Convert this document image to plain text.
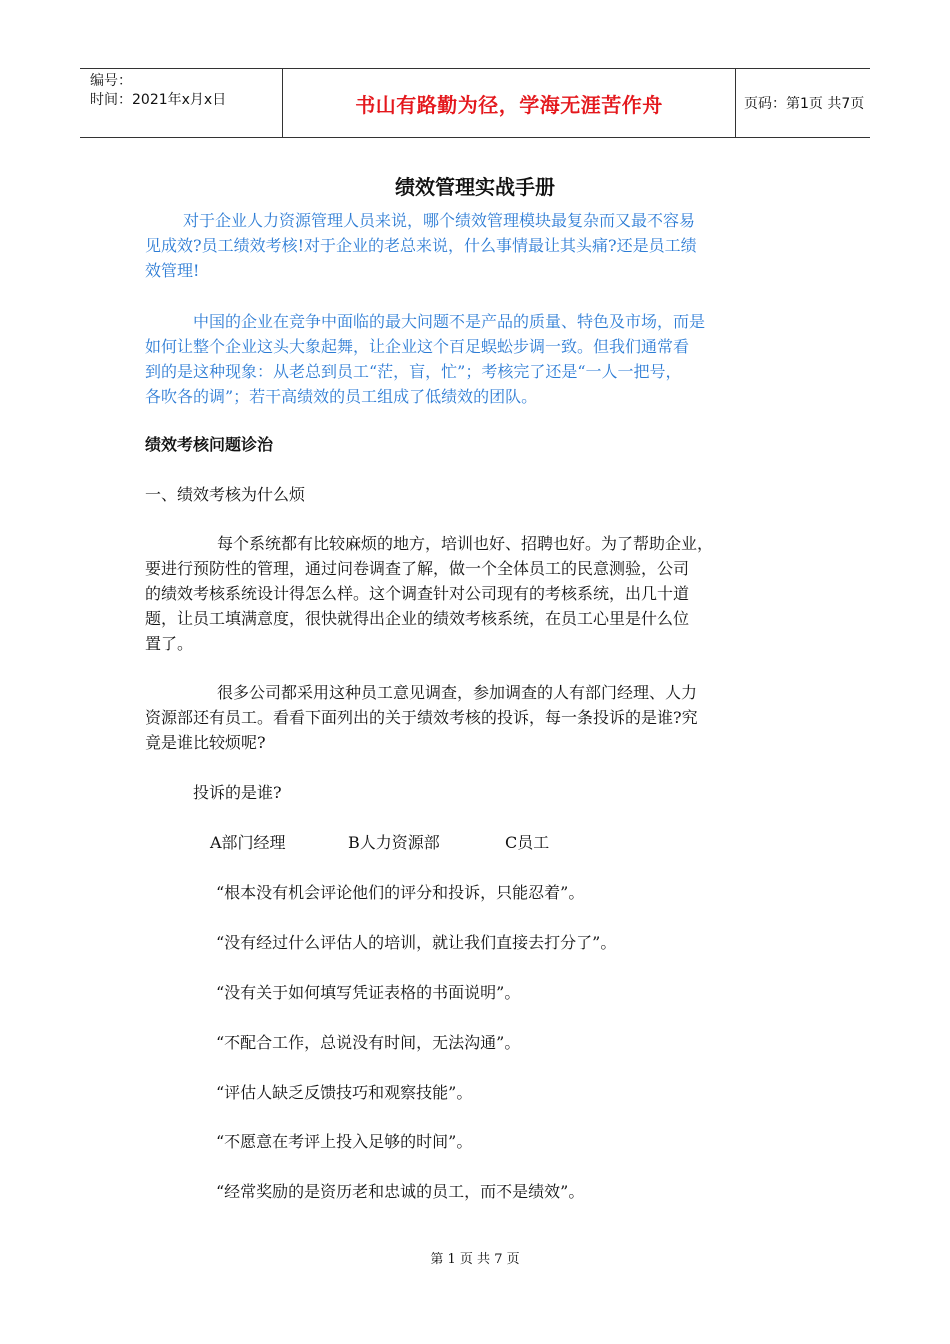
编号：
时间：2021年x月x日	书山有路勤为径，学海无涯苦作舟	页码：第1页 共7页
绩效管理实战手册

对于企业人力资源管理人员来说，哪个绩效管理模块最复杂而又最不容易

见成效?员工绩效考核!对于企业的老总来说，什么事情最让其头痛?还是员工绩

效管理!

中国的企业在竞争中面临的最大问题不是产品的质量、特色及市场，而是

如何让整个企业这头大象起舞，让企业这个百足蜈蚣步调一致。但我们通常看

到的是这种现象：从老总到员工“茫，盲，忙”；考核完了还是“一人一把号，

各吹各的调”；若干高绩效的员工组成了低绩效的团队。

绩效考核问题诊治
一、绩效考核为什么烦

每个系统都有比较麻烦的地方，培训也好、招聘也好。为了帮助企业，

要进行预防性的管理，通过问卷调查了解，做一个全体员工的民意测验，公司

的绩效考核系统设计得怎么样。这个调查针对公司现有的考核系统，出几十道

题，让员工填满意度，很快就得出企业的绩效考核系统，在员工心里是什么位

置了。

很多公司都采用这种员工意见调查，参加调查的人有部门经理、人力

资源部还有员工。看看下面列出的关于绩效考核的投诉，每一条投诉的是谁?究

竟是谁比较烦呢?

投诉的是谁?
A部门经理	B人力资源部	C员工
“根本没有机会评论他们的评分和投诉，只能忍着”。
“没有经过什么评估人的培训，就让我们直接去打分了”。
“没有关于如何填写凭证表格的书面说明”。
“不配合工作，总说没有时间，无法沟通”。
“评估人缺乏反馈技巧和观察技能”。
“不愿意在考评上投入足够的时间”。
“经常奖励的是资历老和忠诚的员工，而不是绩效”。
第 1 页 共 7 页
